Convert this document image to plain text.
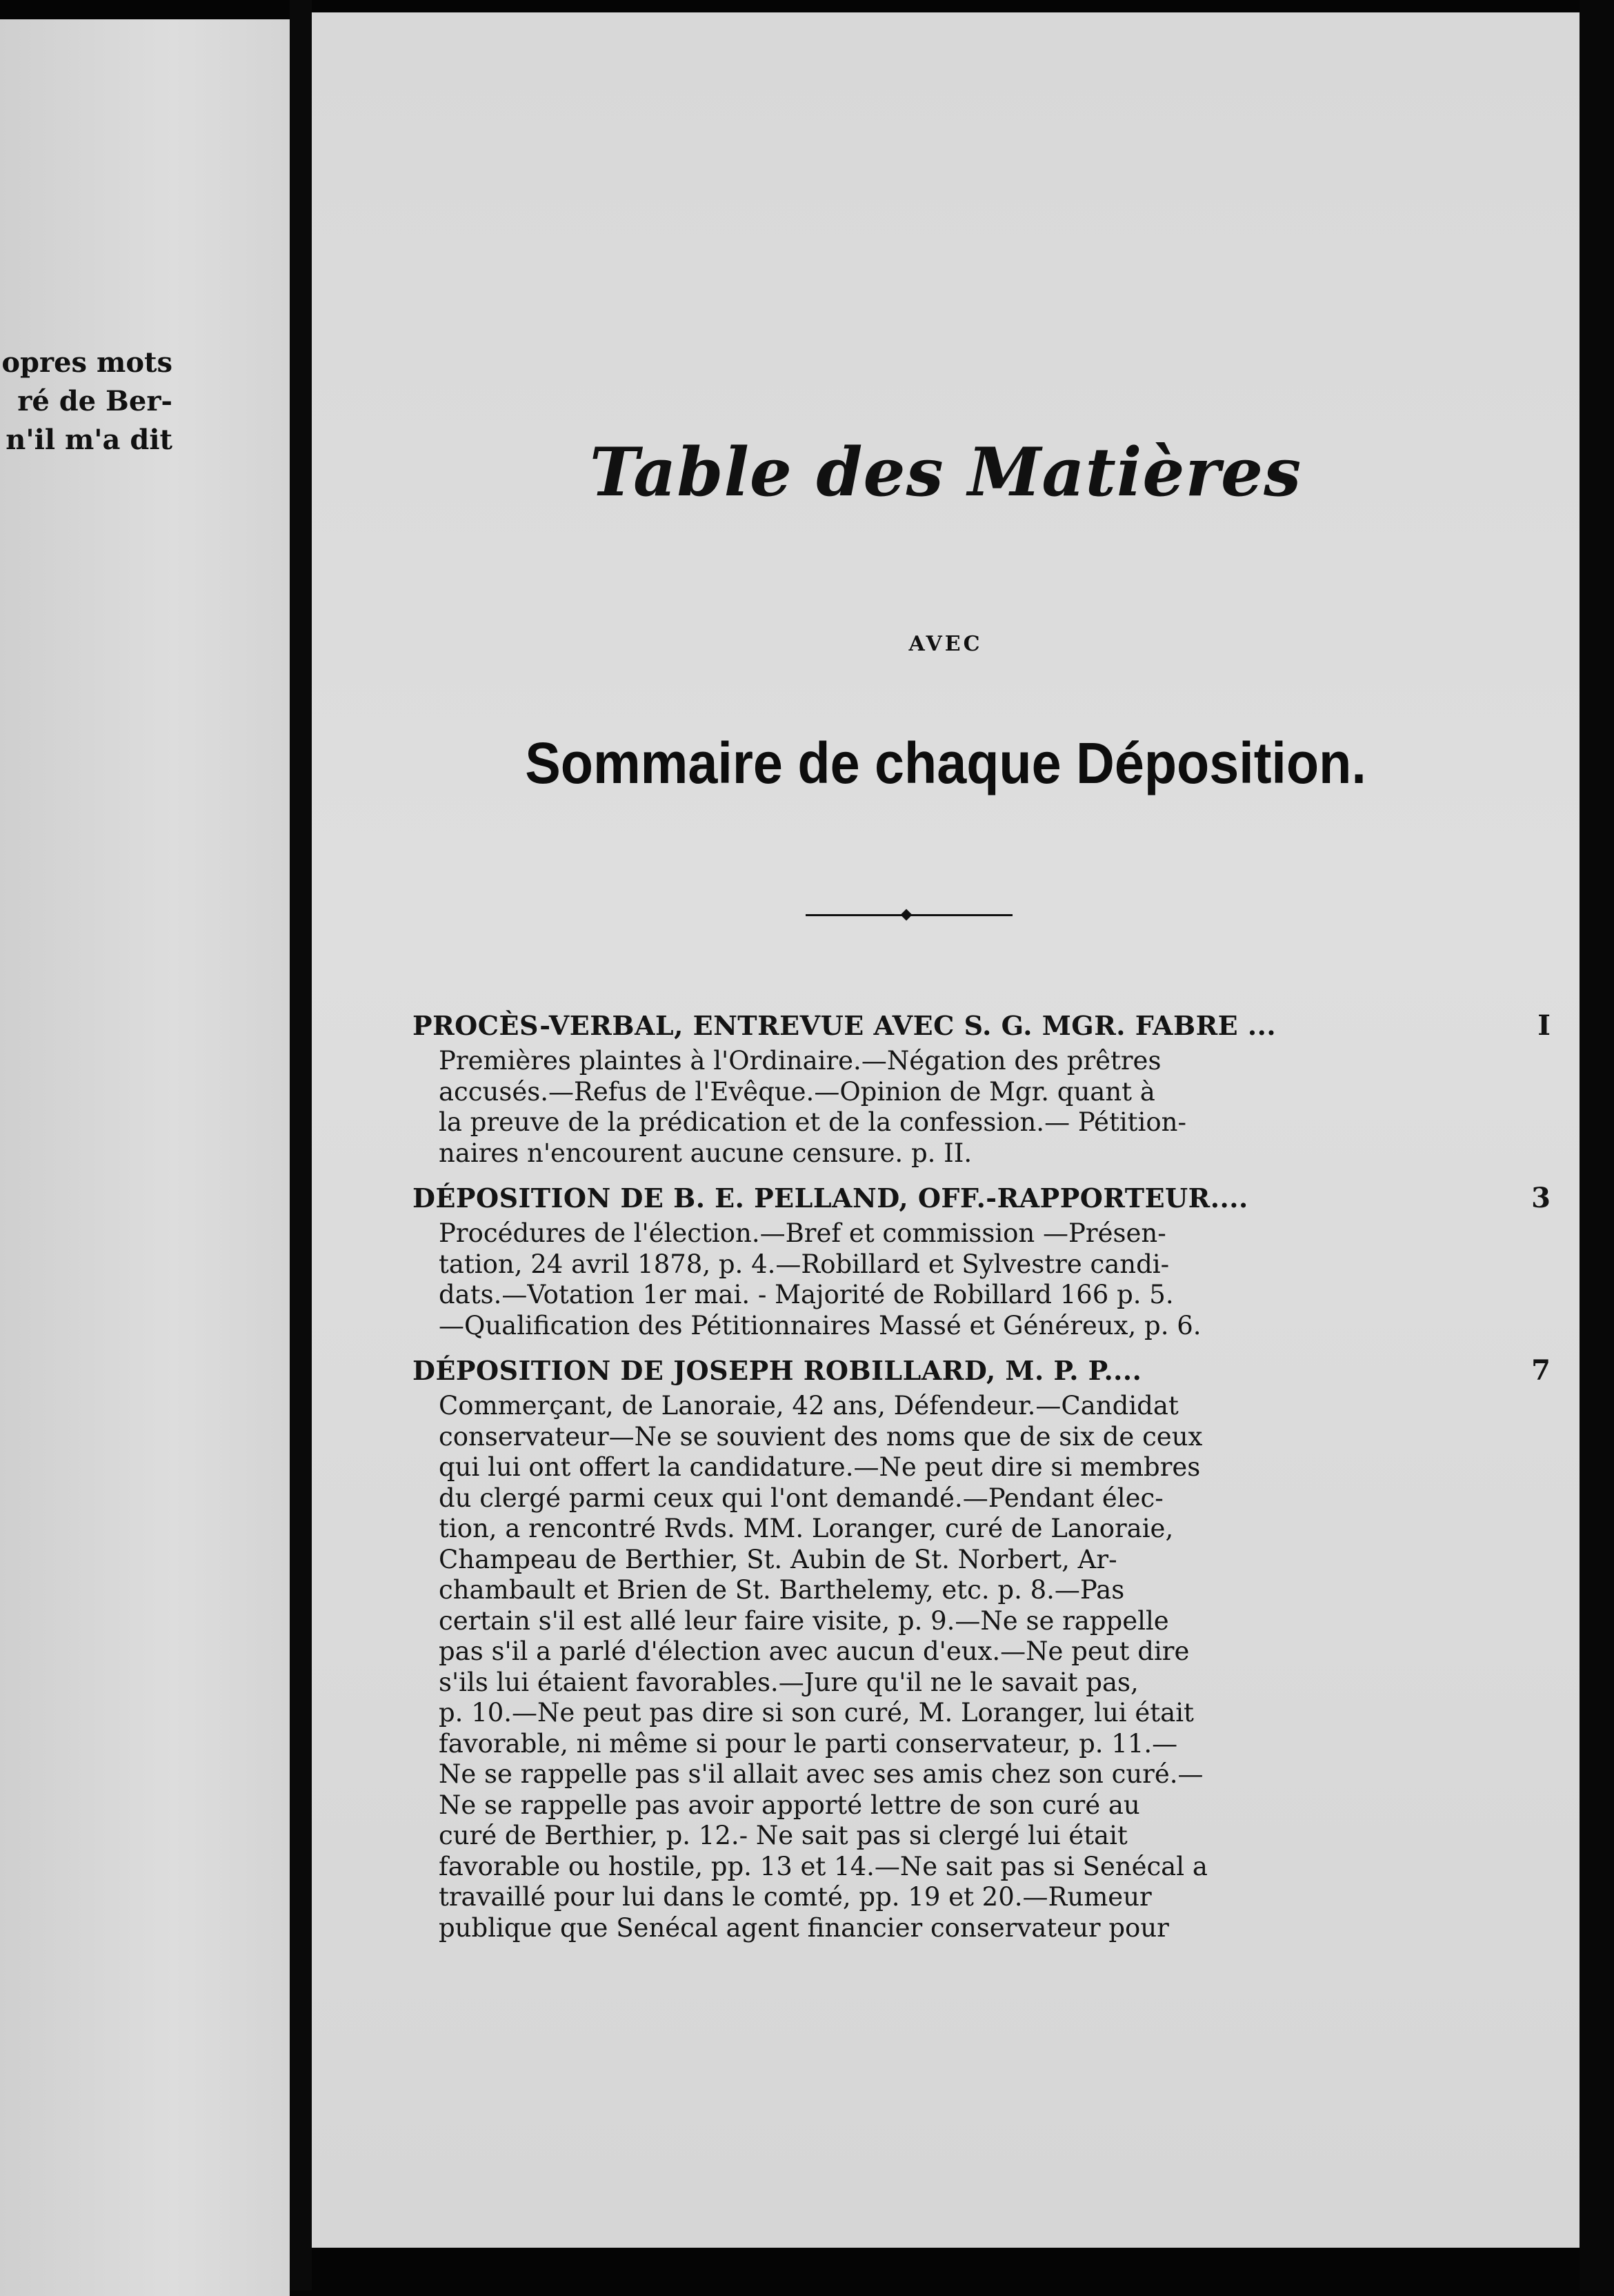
opres mots
ré de Ber-
n'il m'a dit	Table des Matières
AVEC
Sommaire de chaque Déposition.
PROCÈS-VERBAL, ENTREVUE AVEC S. G. MGR. FABRE ...	I
Premières plaintes à l'Ordinaire.—Négation des prêtres
accusés.—Refus de l'Evêque.—Opinion de Mgr. quant à
la preuve de la prédication et de la confession.— Pétition-
naires n'encourent aucune censure. p. II.
DÉPOSITION DE B. E. PELLAND, OFF.-RAPPORTEUR....	3
Procédures de l'élection.—Bref et commission —Présen-
tation, 24 avril 1878, p. 4.—Robillard et Sylvestre candi-
dats.—Votation 1er mai. - Majorité de Robillard 166 p. 5.
—Qualification des Pétitionnaires Massé et Généreux, p. 6.
DÉPOSITION DE JOSEPH ROBILLARD, M. P. P....	7
Commerçant, de Lanoraie, 42 ans, Défendeur.—Candidat
conservateur—Ne se souvient des noms que de six de ceux
qui lui ont offert la candidature.—Ne peut dire si membres
du clergé parmi ceux qui l'ont demandé.—Pendant élec-
tion, a rencontré Rvds. MM. Loranger, curé de Lanoraie,
Champeau de Berthier, St. Aubin de St. Norbert, Ar-
chambault et Brien de St. Barthelemy, etc. p. 8.—Pas
certain s'il est allé leur faire visite, p. 9.—Ne se rappelle
pas s'il a parlé d'élection avec aucun d'eux.—Ne peut dire
s'ils lui étaient favorables.—Jure qu'il ne le savait pas,
p. 10.—Ne peut pas dire si son curé, M. Loranger, lui était
favorable, ni même si pour le parti conservateur, p. 11.—
Ne se rappelle pas s'il allait avec ses amis chez son curé.—
Ne se rappelle pas avoir apporté lettre de son curé au
curé de Berthier, p. 12.- Ne sait pas si clergé lui était
favorable ou hostile, pp. 13 et 14.—Ne sait pas si Senécal a
travaillé pour lui dans le comté, pp. 19 et 20.—Rumeur
publique que Senécal agent financier conservateur pour
